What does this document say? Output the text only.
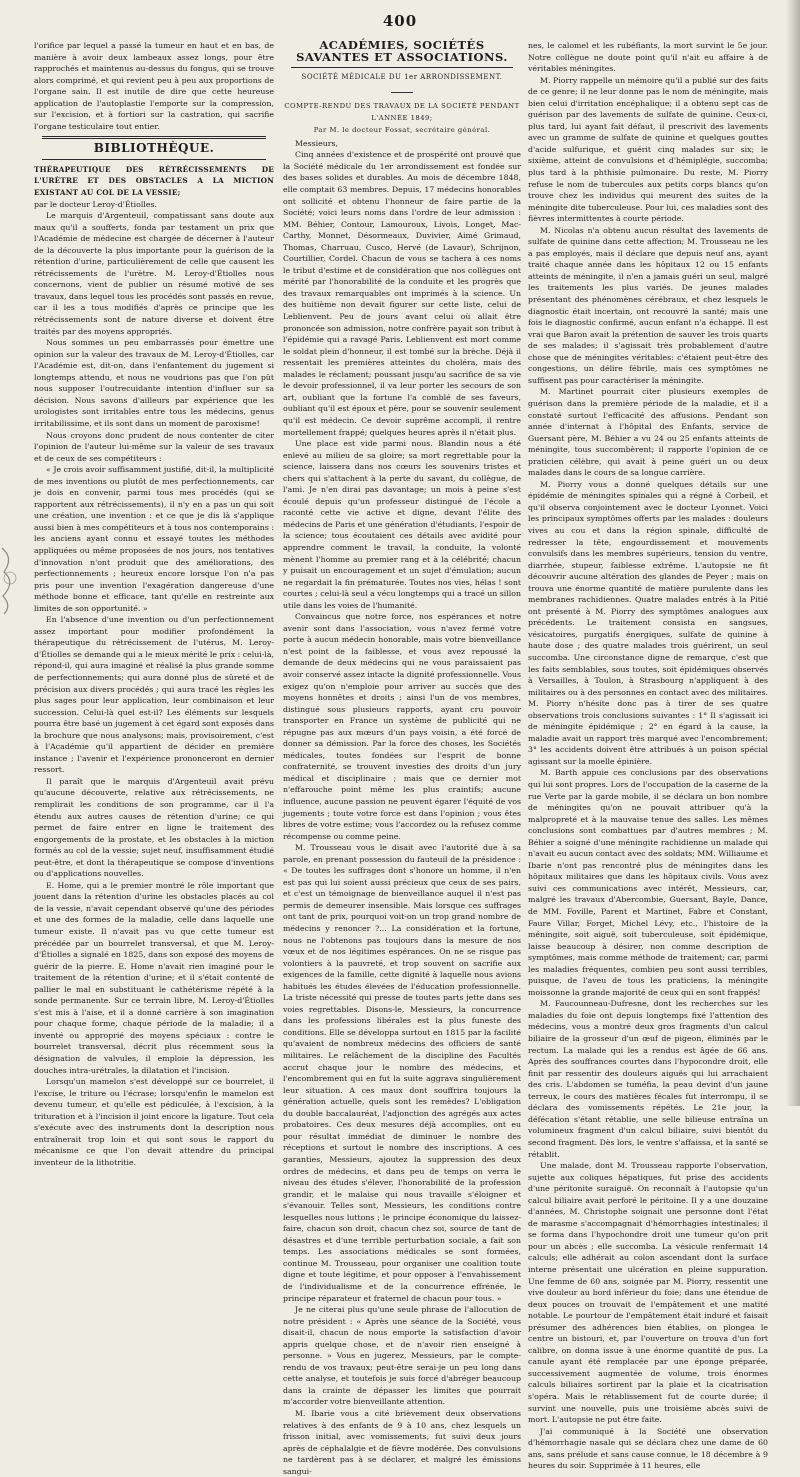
400

l'orifice par lequel a passé la tumeur en haut et en bas, de manière à avoir deux lambeaux assez longs, pour être rapprochés et maintenus au-dessus du fongus, qui se trouve alors comprimé, et qui revient peu à peu aux proportions de l'organe sain. Il est inutile de dire que cette heureuse application de l'autoplastie l'emporte sur la compression, sur l'excision, et à fortiori sur la castration, qui sacrifie l'organe testiculaire tout entier.

BIBLIOTHÈQUE.

THÉRAPEUTIQUE DES RÉTRÉCISSEMENTS DE L'URÈTRE ET DES OBSTACLES A LA MICTION EXISTANT AU COL DE LA VESSIE;

par le docteur Leroy-d'Étiolles.

Le marquis d'Argenteuil, compatissant sans doute aux maux qu'il a soufferts, fonda par testament un prix que l'Académie de médecine est chargée de décerner à l'auteur de la découverte la plus importante pour la guérison de la rétention d'urine, particulièrement de celle que causent les rétrécissements de l'urètre. M. Leroy-d'Étiolles nous concernons, vient de publier un résumé motivé de ses travaux, dans lequel tous les procédés sont passés en revue, car il les a tous modifiés d'après ce principe que les rétrécissements sont de nature diverse et doivent être traités par des moyens appropriés.

Nous sommes un peu embarrassés pour émettre une opinion sur la valeur des travaux de M. Leroy-d'Étiolles, car l'Académie est, dit-on, dans l'enfantement du jugement si longtemps attendu, et nous ne voudrions pas que l'on pût nous supposer l'outrecuidante intention d'influer sur sa décision. Nous savons d'ailleurs par expérience que les urologistes sont irritables entre tous les médecins, genus irritabilissime, et ils sont dans un moment de paroxisme!

Nous croyons donc prudent de nous contenter de citer l'opinion de l'auteur lui-même sur la valeur de ses travaux et de ceux de ses compétiteurs :

« Je crois avoir suffisamment justifié, dit-il, la multiplicité de mes inventions ou plutôt de mes perfectionnements, car je dois en convenir, parmi tous mes procédés (qui se rapportent aux rétrécissements), il n'y en a pas un qui soit une création, une invention : et ce que je dis là s'applique aussi bien à mes compétiteurs et à tous nos contemporains : les anciens ayant connu et essayé toutes les méthodes appliquées ou même proposées de nos jours, nos tentatives d'innovation n'ont produit que des améliorations, des perfectionnements ; heureux encore lorsque l'on n'a pas pris pour une invention l'exagération dangereuse d'une méthode bonne et efficace, tant qu'elle en restreinte aux limites de son opportunité. »

En l'absence d'une invention ou d'un perfectionnement assez important pour modifier profondément la thérapeutique du rétrécissement de l'utérus, M. Leroy-d'Étiolles se demande qui a le mieux mérité le prix : celui-là, répond-il, qui aura imaginé et réalisé la plus grande somme de perfectionnements; qui aura donné plus de sûreté et de précision aux divers procédés ; qui aura tracé les règles les plus sages pour leur application, leur combinaison et leur succession. Celui-là quel est-il? Les éléments sur lesquels pourra être basé un jugement à cet égard sont exposés dans la brochure que nous analysons; mais, provisoirement, c'est à l'Académie qu'il appartient de décider en première instance ; l'avenir et l'expérience prononceront en dernier ressort.

Il paraît que le marquis d'Argenteuil avait prévu qu'aucune découverte, relative aux rétrécissements, ne remplirait les conditions de son programme, car il l'a étendu aux autres causes de rétention d'urine; ce qui permet de faire entrer en ligne le traitement des engorgements de la prostate, et les obstacles à la miction formés au col de la vessie; sujet neuf, insuffisamment étudié peut-être, et dont la thérapeutique se compose d'inventions ou d'applications nouvelles.

E. Home, qui a le premier montré le rôle important que jouent dans la rétention d'urine les obstacles placés au col de la vessie, n'avait cependant observé qu'une des périodes et une des formes de la maladie, celle dans laquelle une tumeur existe. Il n'avait pas vu que cette tumeur est précédée par un bourrelet transversal, et que M. Leroy-d'Étiolles a signalé en 1825, dans son exposé des moyens de guérir de la pierre. E. Home n'avait rien imaginé pour le traitement de la rétention d'urine; et il s'était contenté de pallier le mal en substituant le cathétérisme répété à la sonde permanente. Sur ce terrain libre, M. Leroy-d'Étiolles s'est mis à l'aise, et il a donné carrière à son imagination pour chaque forme, chaque période de la maladie; il a inventé ou approprié des moyens spéciaux : contre le bourrelet transversal, décrit plus récemment sous la désignation de valvules, il emploie la dépression, les douches intra-urétrales, la dilatation et l'incision.

Lorsqu'un mamelon s'est développé sur ce bourrelet, il l'excise, le triture ou l'écrase; lorsqu'enfin le mamelon est devenu tumeur, et qu'elle est pédiculée, à l'excision, à la trituration et à l'incision il joint encore la ligature. Tout cela s'exécute avec des instruments dont la description nous entraînerait trop loin et qui sont sous le rapport du mécanisme ce que l'on devait attendre du principal inventeur de la lithotritie.

ACADÉMIES, SOCIÉTÉS SAVANTES ET ASSOCIATIONS.
SOCIÉTÉ MÉDICALE DU 1er ARRONDISSEMENT.
COMPTE-RENDU DES TRAVAUX DE LA SOCIÉTÉ PENDANT L'ANNÉE 1849;
Par M. le docteur Fossat, secrétaire général.

Messieurs,

Cinq années d'existence et de prospérité ont prouvé que la Société médicale du 1er arrondissement est fondée sur des bases solides et durables. Au mois de décembre 1848, elle comptait 63 membres. Depuis, 17 médecins honorables ont sollicité et obtenu l'honneur de faire partie de la Société; voici leurs noms dans l'ordre de leur admission : MM. Béhier, Contour, Lamouroux, Livois, Longet, Mac-Carthy, Monnet, Désormeaux, Duvivier, Aimé Grimaud, Thomas, Charruau, Cusco, Hervé (de Lavaur), Schrijnon, Courtillier, Cordel. Chacun de vous se tachera à ces noms le tribut d'estime et de considération que nos collègues ont mérité par l'honorabilité de la conduite et les progrès que des travaux remarquables ont imprimés à la science. Un des huitième non devait figurer sur cette liste, celui de Leblienvent. Peu de jours avant celui où allait être prononcée son admission, notre confrère payait son tribut à l'épidémie qui a ravagé Paris. Leblienvent est mort comme le soldat plein d'honneur, il est tombé sur la brèche. Déjà il ressentait les premières atteintes du choléra, mais des malades le réclament; poussant jusqu'au sacrifice de sa vie le devoir professionnel, il va leur porter les secours de son art, oubliant que la fortune l'a comblé de ses faveurs, oubliant qu'il est époux et père, pour se souvenir seulement qu'il est médecin. Ce devoir suprême accompli, il rentre mortellement frappé; quelques heures après il n'était plus.

Une place est vide parmi nous. Blandin nous a été enlevé au milieu de sa gloire; sa mort regrettable pour la science, laissera dans nos cœurs les souvenirs tristes et chers qui s'attachent à la perte du savant, du collègue, de l'ami. Je n'en dirai pas davantage; un mois à peine s'est écoulé depuis qu'un professeur distingué de l'école a raconté cette vie active et digne, devant l'élite des médecins de Paris et une génération d'étudiants, l'espoir de la science; tous écoutaient ces détails avec avidité pour apprendre comment le travail, la conduite, la volonté mènent l'homme au premier rang et à la célébrité; chacun y puisait un encouragement et un sujet d'émulation; aucun ne regardait la fin prématurée. Toutes nos vies, hélas ! sont courtes ; celui-là seul a vécu longtemps qui a tracé un sillon utile dans les voies de l'humanité.

Convaincus que notre force, nos espérances et notre avenir sont dans l'association, vous n'avez fermé votre porte à aucun médecin honorable, mais votre bienveillance n'est point de la faiblesse, et vous avez repoussé la demande de deux médecins qui ne vous paraissaient pas avoir conservé assez intacte la dignité professionnelle. Vous exigez qu'on n'emploie pour arriver au succès que des moyens honnêtes et droits ; ainsi l'un de vos membres, distingué sous plusieurs rapports, ayant cru pouvoir transporter en France un système de publicité qui ne répugne pas aux mœurs d'un pays voisin, a été forcé de donner sa démission. Par la force des choses, les Sociétés médicales, toutes fondées sur l'esprit de bonne confraternité, se trouvent investies des droits d'un jury médical et disciplinaire ; mais que ce dernier mot n'effarouche point même les plus craintifs; aucune influence, aucune passion ne peuvent égarer l'équité de vos jugements ; toute votre force est dans l'opinion ; vous êtes libres de votre estime; vous l'accordez ou la refusez comme récompense ou comme peine.

M. Trousseau vous le disait avec l'autorité due à sa parole, en prenant possession du fauteuil de la présidence : « De toutes les suffrages dont s'honore un homme, il n'en est pas qui lui soient aussi précieux que ceux de ses pairs, et c'est un témoignage de bienveillance auquel il n'est pas permis de demeurer insensible. Mais lorsque ces suffrages ont tant de prix, pourquoi voit-on un trop grand nombre de médecins y renoncer ?... La considération et la fortune, nous ne l'obtenons pas toujours dans la mesure de nos vœux et de nos légitimes espérances. On ne se risque pas volontiers à la pauvreté, et trop souvent on sacrifie aux exigences de la famille, cette dignité à laquelle nous avions habitués les études élevées de l'éducation professionnelle. La triste nécessité qui presse de toutes parts jette dans ses voies regrettables. Disons-le, Messieurs, la concurrence dans les professions libérales est la plus funeste des conditions. Elle se développa surtout en 1815 par la facilité qu'avaient de nombreux médecins des officiers de santé militaires. Le relâchement de la discipline des Facultés accrut chaque jour le nombre des médecins, et l'encombrement qui en fut la suite aggrava singulièrement leur situation. A ces maux dont souffrira toujours la génération actuelle, quels sont les remèdes? L'obligation du double baccalauréat, l'adjonction des agrégés aux actes probatoires. Ces deux mesures déjà accomplies, ont eu pour résultat immédiat de diminuer le nombre des réceptions et surtout le nombre des inscriptions. A ces garanties, Messieurs, ajoutez la suppression des deux ordres de médecins, et dans peu de temps on verra le niveau des études s'élever, l'honorabilité de la profession grandir, et le malaise qui nous travaille s'éloigner et s'évanouir. Telles sont, Messieurs, les conditions contre lesquelles nous luttons ; le principe économique du laissez-faire, chacun son droit, chacun chez soi, source de tant de désastres et d'une terrible perturbation sociale, a fait son temps. Les associations médicales se sont formées, continue M. Trousseau, pour organiser une coalition toute digne et toute légitime, et pour opposer à l'envahissement de l'individualisme et de la concurrence effrénée, le principe réparateur et fraternel de chacun pour tous. »

Je ne citerai plus qu'une seule phrase de l'allocution de notre président : « Après une séance de la Société, vous disait-il, chacun de nous emporte la satisfaction d'avoir appris quelque chose, et de n'avoir rien enseigné à personne. » Vous en jugerez, Messieurs, par le compte-rendu de vos travaux; peut-être serai-je un peu long dans cette analyse, et toutefois je suis forcé d'abréger beaucoup dans la crainte de dépasser les limites que pourrait m'accorder votre bienveillante attention.

M. Ibarie vous a cité brièvement deux observations relatives à des enfants de 9 à 10 ans, chez lesquels un frisson initial, avec vomissements, fut suivi deux jours après de céphalalgie et de fièvre modérée. Des convulsions ne tardèrent pas à se déclarer, et malgré les émissions sangui-

nes, le calomel et les rubéfiants, la mort survint le 5e jour. Notre collègue ne doute point qu'il n'ait eu affaire à de véritables méningites.

M. Piorry rappelle un mémoire qu'il a publié sur des faits de ce genre; il ne leur donne pas le nom de méningite, mais bien celui d'irritation encéphalique; il a obtenu sept cas de guérison par des lavements de sulfate de quinine. Ceux-ci, plus tard, lui ayant fait défaut, il prescrivit des lavements avec un gramme de sulfate de quinine et quelques gouttes d'acide sulfurique, et guérit cinq malades sur six; le sixième, atteint de convulsions et d'hémiplégie, succomba; plus tard à la phthisie pulmonaire. Du reste, M. Piorry refuse le nom de tubercules aux petits corps blancs qu'on trouve chez les individus qui meurent des suites de la méningite dite tuberculeuse. Pour lui, ces maladies sont des fièvres intermittentes à courte période.

M. Nicolas n'a obtenu aucun résultat des lavements de sulfate de quinine dans cette affection; M. Trousseau ne les a pas employés, mais il déclare que depuis neuf ans, ayant traité chaque année dans les hôpitaux 12 ou 15 enfants atteints de méningite, il n'en a jamais guéri un seul, malgré les traitements les plus variés. De jeunes malades présentant des phénomènes cérébraux, et chez lesquels le diagnostic était incertain, ont recouvré la santé; mais une fois le diagnostic confirmé, aucun enfant n'a échappé. Il est vrai que Baron avait la prétention de sauver les trois quarts de ses malades; il s'agissait très probablement d'autre chose que de méningites véritables: c'étaient peut-être des congestions, un délire fébrile, mais ces symptômes ne suffisent pas pour caractériser la méningite.

M. Martinet pourrait citer plusieurs exemples de guérison dans la première période de la maladie, et il a constaté surtout l'efficacité des affusions. Pendant son année d'internat à l'hôpital des Enfants, service de Guersant père, M. Béhier a vu 24 ou 25 enfants atteints de méningite, tous succombèrent; il rapporte l'opinion de ce praticien célèbre, qui avait à peine guéri un ou deux malades dans le cours de sa longue carrière.

M. Piorry vous a donné quelques détails sur une épidémie de méningites spinales qui a régné à Corbeil, et qu'il observa conjointement avec le docteur Lyonnet. Voici les principaux symptômes offerts par les malades : douleurs vives au cou et dans la région spinale, difficulté de redresser la tête, engourdissement et mouvements convulsifs dans les membres supérieurs, tension du ventre, diarrhée, stupeur, faiblesse extrême. L'autopsie ne fit découvrir aucune altération des glandes de Peyer ; mais on trouva une énorme quantité de matière purulente dans les membranes rachidiennes. Quatre malades entrés à la Pitié ont présenté à M. Piorry des symptômes analogues aux précédents. Le traitement consista en sangsues, vésicatoires, purgatifs énergiques, sulfate de quinine à haute dose ; des quatre malades trois guérirent, un seul succomba. Une circonstance digne de remarque, c'est que les faits semblables, sous toutes, soit épidémiques observés à Versailles, à Toulon, à Strasbourg n'appliquent à des militaires ou à des personnes en contact avec des militaires. M. Piorry n'hésite donc pas à tirer de ses quatre observations trois conclusions suivantes : 1° Il s'agissait ici de méningite épidémique ; 2° en égard à la cause, la maladie avait un rapport très marqué avec l'encombrement; 3° les accidents doivent être attribués à un poison spécial agissant sur la moelle épinière.

M. Barth appuie ces conclusions par des observations qui lui sont propres. Lors de l'occupation de la caserne de la rue Verte par la garde mobile, il se déclara un bon nombre de méningites qu'on ne pouvait attribuer qu'à la malpropreté et à la mauvaise tenue des salles. Les mêmes conclusions sont combattues par d'autres membres ; M. Béhier a soigné d'une méningite rachidienne un malade qui n'avait eu aucun contact avec des soldats; MM. Williaume et Ibarie n'ont pas rencontré plus de méningites dans les hôpitaux militaires que dans les hôpitaux civils. Vous avez suivi ces communications avec intérêt, Messieurs, car, malgré les travaux d'Abercombie, Guersant, Bayle, Dance, de MM. Foville, Parent et Martinet, Fabre et Constant, Faure Villar, Forget, Michel Lévy, etc., l'histoire de la méningite, soit aiguë, soit tuberculeuse, soit épidémique, laisse beaucoup à désirer, non comme description de symptômes, mais comme méthode de traitement; car, parmi les maladies fréquentes, combien peu sont aussi terribles, puisque, de l'aveu de tous les praticiens, la méningite moissonne la grande majorité de ceux qui en sont frappés!

M. Faucounneau-Dufresne, dont les recherches sur les maladies du foie ont depuis longtemps fixé l'attention des médecins, vous a montré deux gros fragments d'un calcul biliaire de la grosseur d'un œuf de pigeon, éliminés par le rectum. La malade qui les a rendus est âgée de 66 ans. Après des souffrances courtes dans l'hypocondre droit, elle finit par ressentir des douleurs aiguës qui lui arrachaient des cris. L'abdomen se tuméfia, la peau devint d'un jaune terreux, le cours des matières fécales fut interrompu, il se déclara des vomissements répétés. Le 21e jour, la défécation s'étant rétablie, une selle bilieuse entraîna un volumineux fragment d'un calcul biliaire, suivi bientôt du second fragment. Dès lors, le ventre s'affaissa, et la santé se rétablit.

Une malade, dont M. Trousseau rapporte l'observation, sujette aux coliques hépatiques, fut prise des accidents d'une péritonite suraiguë. On reconnaît à l'autopsie qu'un calcul biliaire avait perforé le péritoine. Il y a une douzaine d'années, M. Christophe soignait une personne dont l'état de marasme s'accompagnait d'hémorrhagies intestinales; il se forma dans l'hypochondre droit une tumeur qu'on prit pour un abcès ; elle succomba. La vésicule renfermait 14 calculs; elle adhérait au colon ascendant dont la surface interne présentait une ulcération en pleine suppuration. Une femme de 60 ans, soignée par M. Piorry, ressentit une vive douleur au bord inférieur du foie; dans une étendue de deux pouces on trouvait de l'empâtement et une matité notable. Le pourtour de l'empâtement était induré et faisait présumer des adhérences bien établies, on plongea le centre un bistouri, et, par l'ouverture on trouva d'un fort calibre, on donna issue à une énorme quantité de pus. La canule ayant été remplacée par une éponge préparée, successivement augmentée de volume, trois énormes calculs biliaires sortirent par la plaie et la cicatrisation s'opéra. Mais le rétablissement fut de courte durée; il survint une nouvelle, puis une troisième abcès suivi de mort. L'autopsie ne put être faite.

J'ai communiqué à la Société une observation d'hémorrhagie nasale qui se déclara chez une dame de 60 ans, sans prélude et sans cause connue, le 18 décembre à 9 heures du soir. Supprimée à 11 heures, elle
